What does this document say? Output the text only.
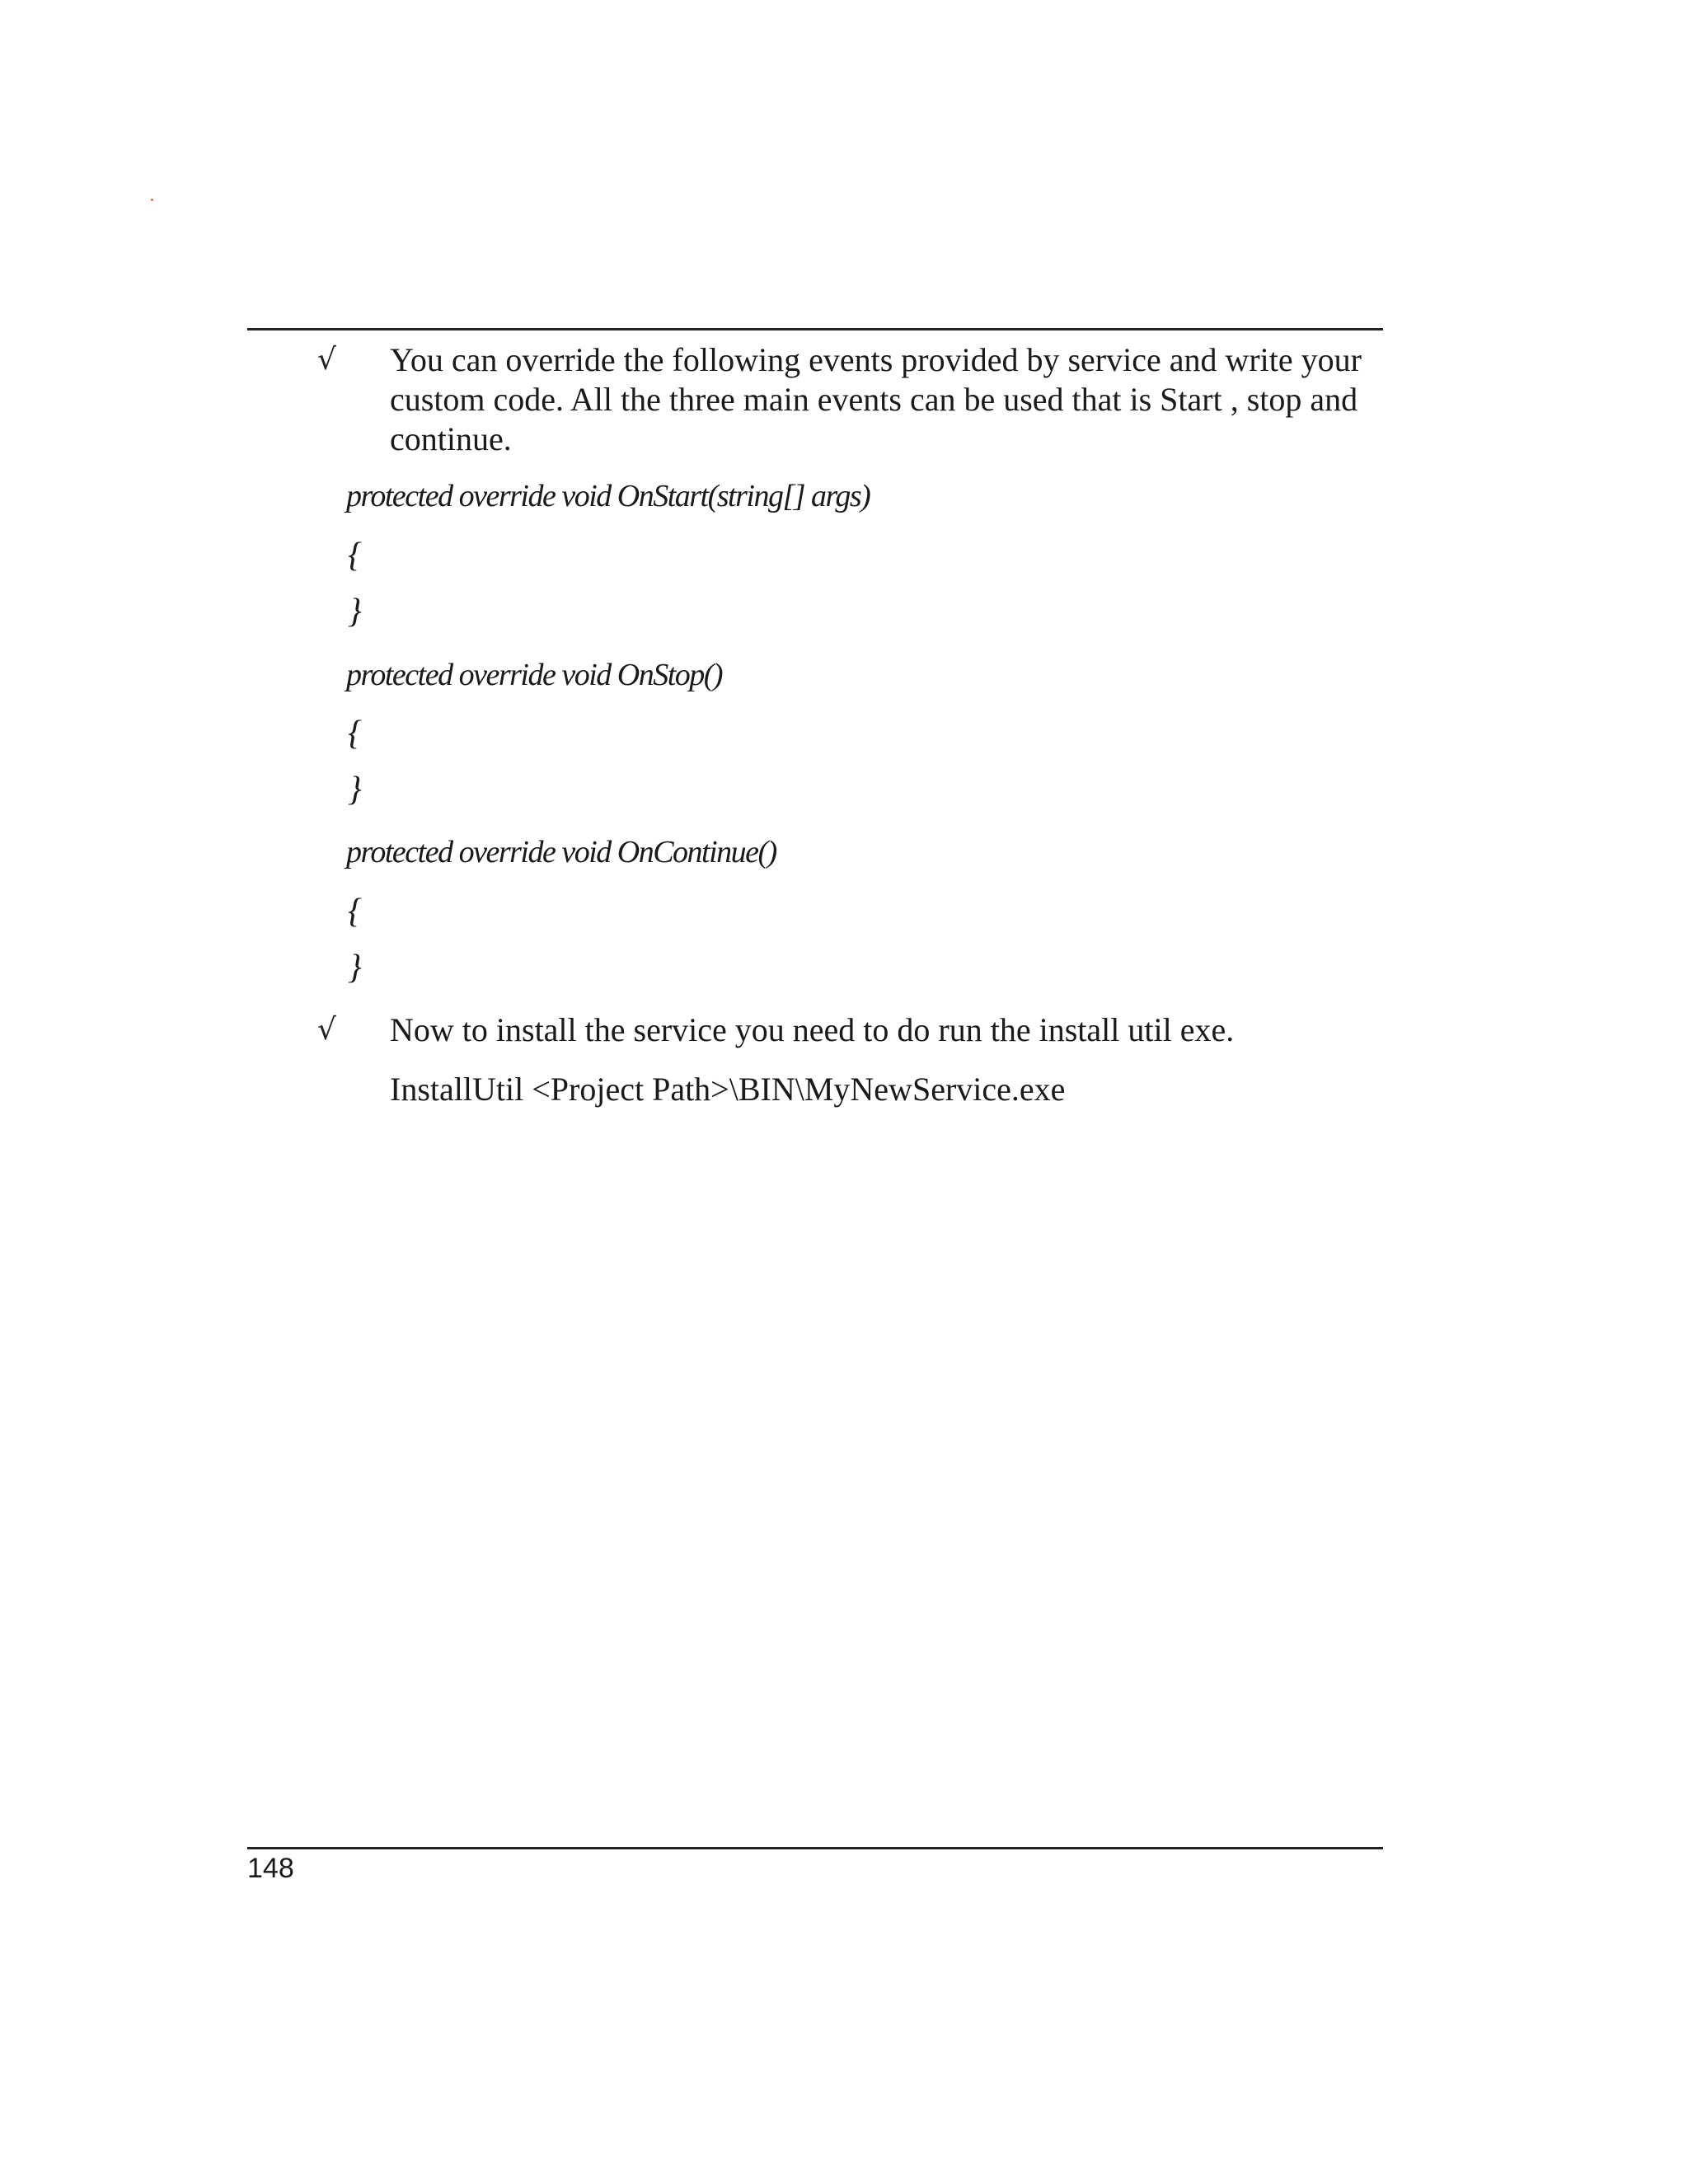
√ You can override the following events provided by service and write your custom code. All the three main events can be used that is Start , stop and continue.

protected override void OnStart(string[] args)

{

}

protected override void OnStop()

{

}

protected override void OnContinue()

{

}

√ Now to install the service you need to do run the install util exe.

InstallUtil <Project Path>\BIN\MyNewService.exe

148
